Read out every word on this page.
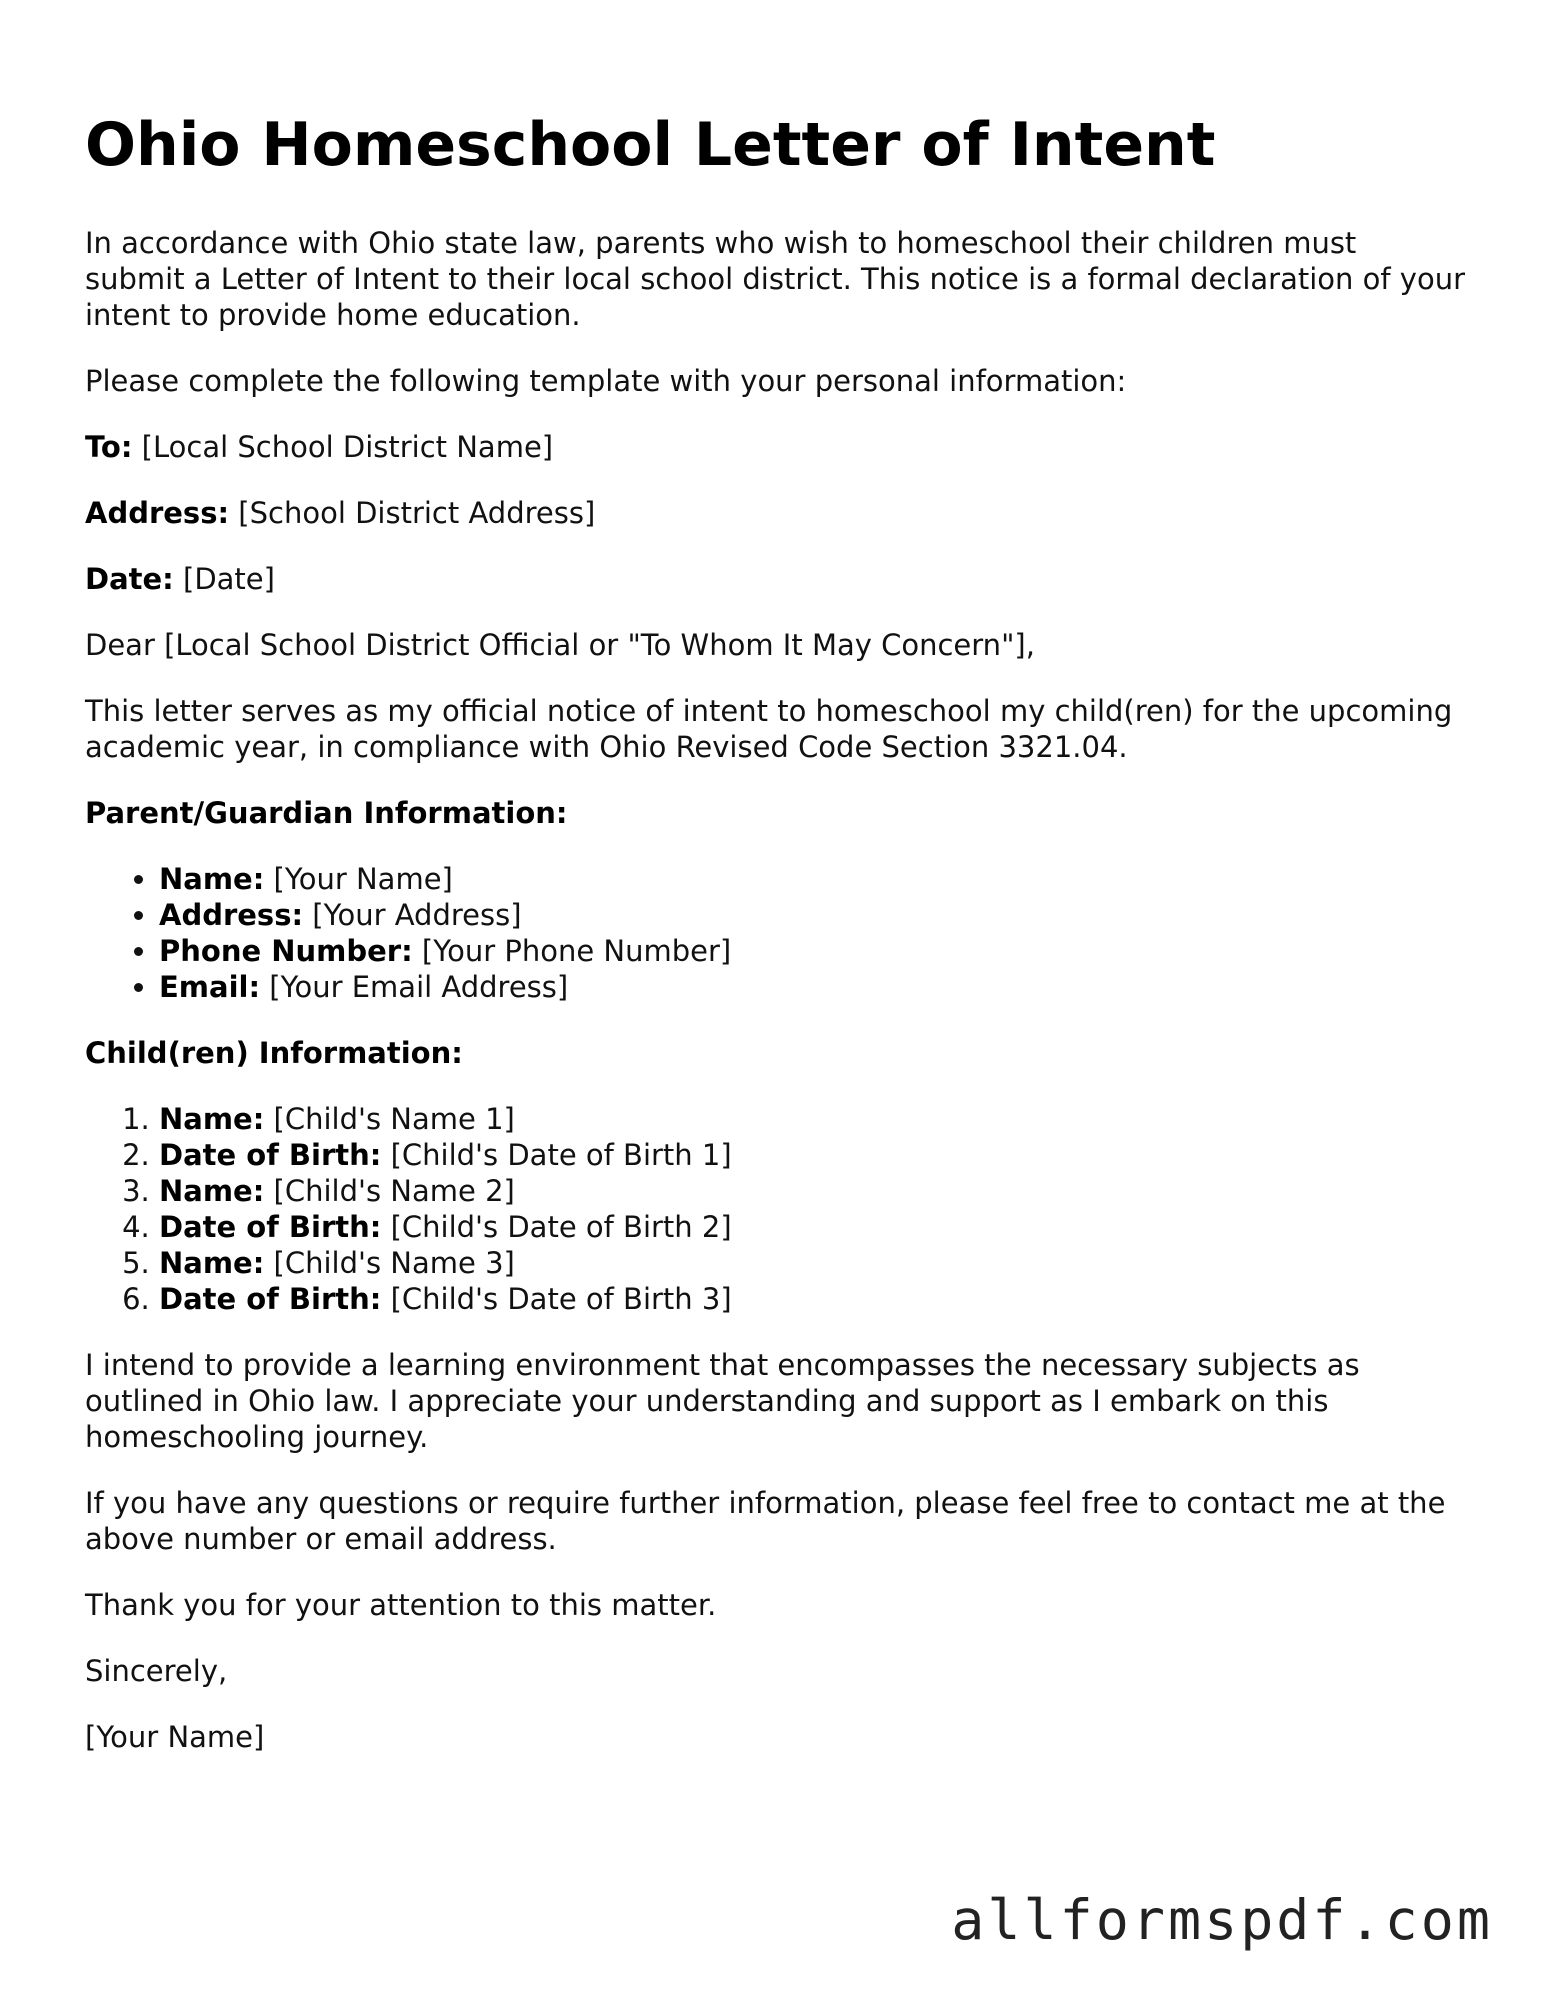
Ohio Homeschool Letter of Intent

In accordance with Ohio state law, parents who wish to homeschool their children must submit a Letter of Intent to their local school district. This notice is a formal declaration of your intent to provide home education.

Please complete the following template with your personal information:

To: [Local School District Name]

Address: [School District Address]

Date: [Date]

Dear [Local School District Official or "To Whom It May Concern"],

This letter serves as my official notice of intent to homeschool my child(ren) for the upcoming academic year, in compliance with Ohio Revised Code Section 3321.04.

Parent/Guardian Information:

• Name: [Your Name]
• Address: [Your Address]
• Phone Number: [Your Phone Number]
• Email: [Your Email Address]

Child(ren) Information:

1. Name: [Child's Name 1]
2. Date of Birth: [Child's Date of Birth 1]
3. Name: [Child's Name 2]
4. Date of Birth: [Child's Date of Birth 2]
5. Name: [Child's Name 3]
6. Date of Birth: [Child's Date of Birth 3]

I intend to provide a learning environment that encompasses the necessary subjects as outlined in Ohio law. I appreciate your understanding and support as I embark on this homeschooling journey.

If you have any questions or require further information, please feel free to contact me at the above number or email address.

Thank you for your attention to this matter.

Sincerely,

[Your Name]

allformspdf.com
